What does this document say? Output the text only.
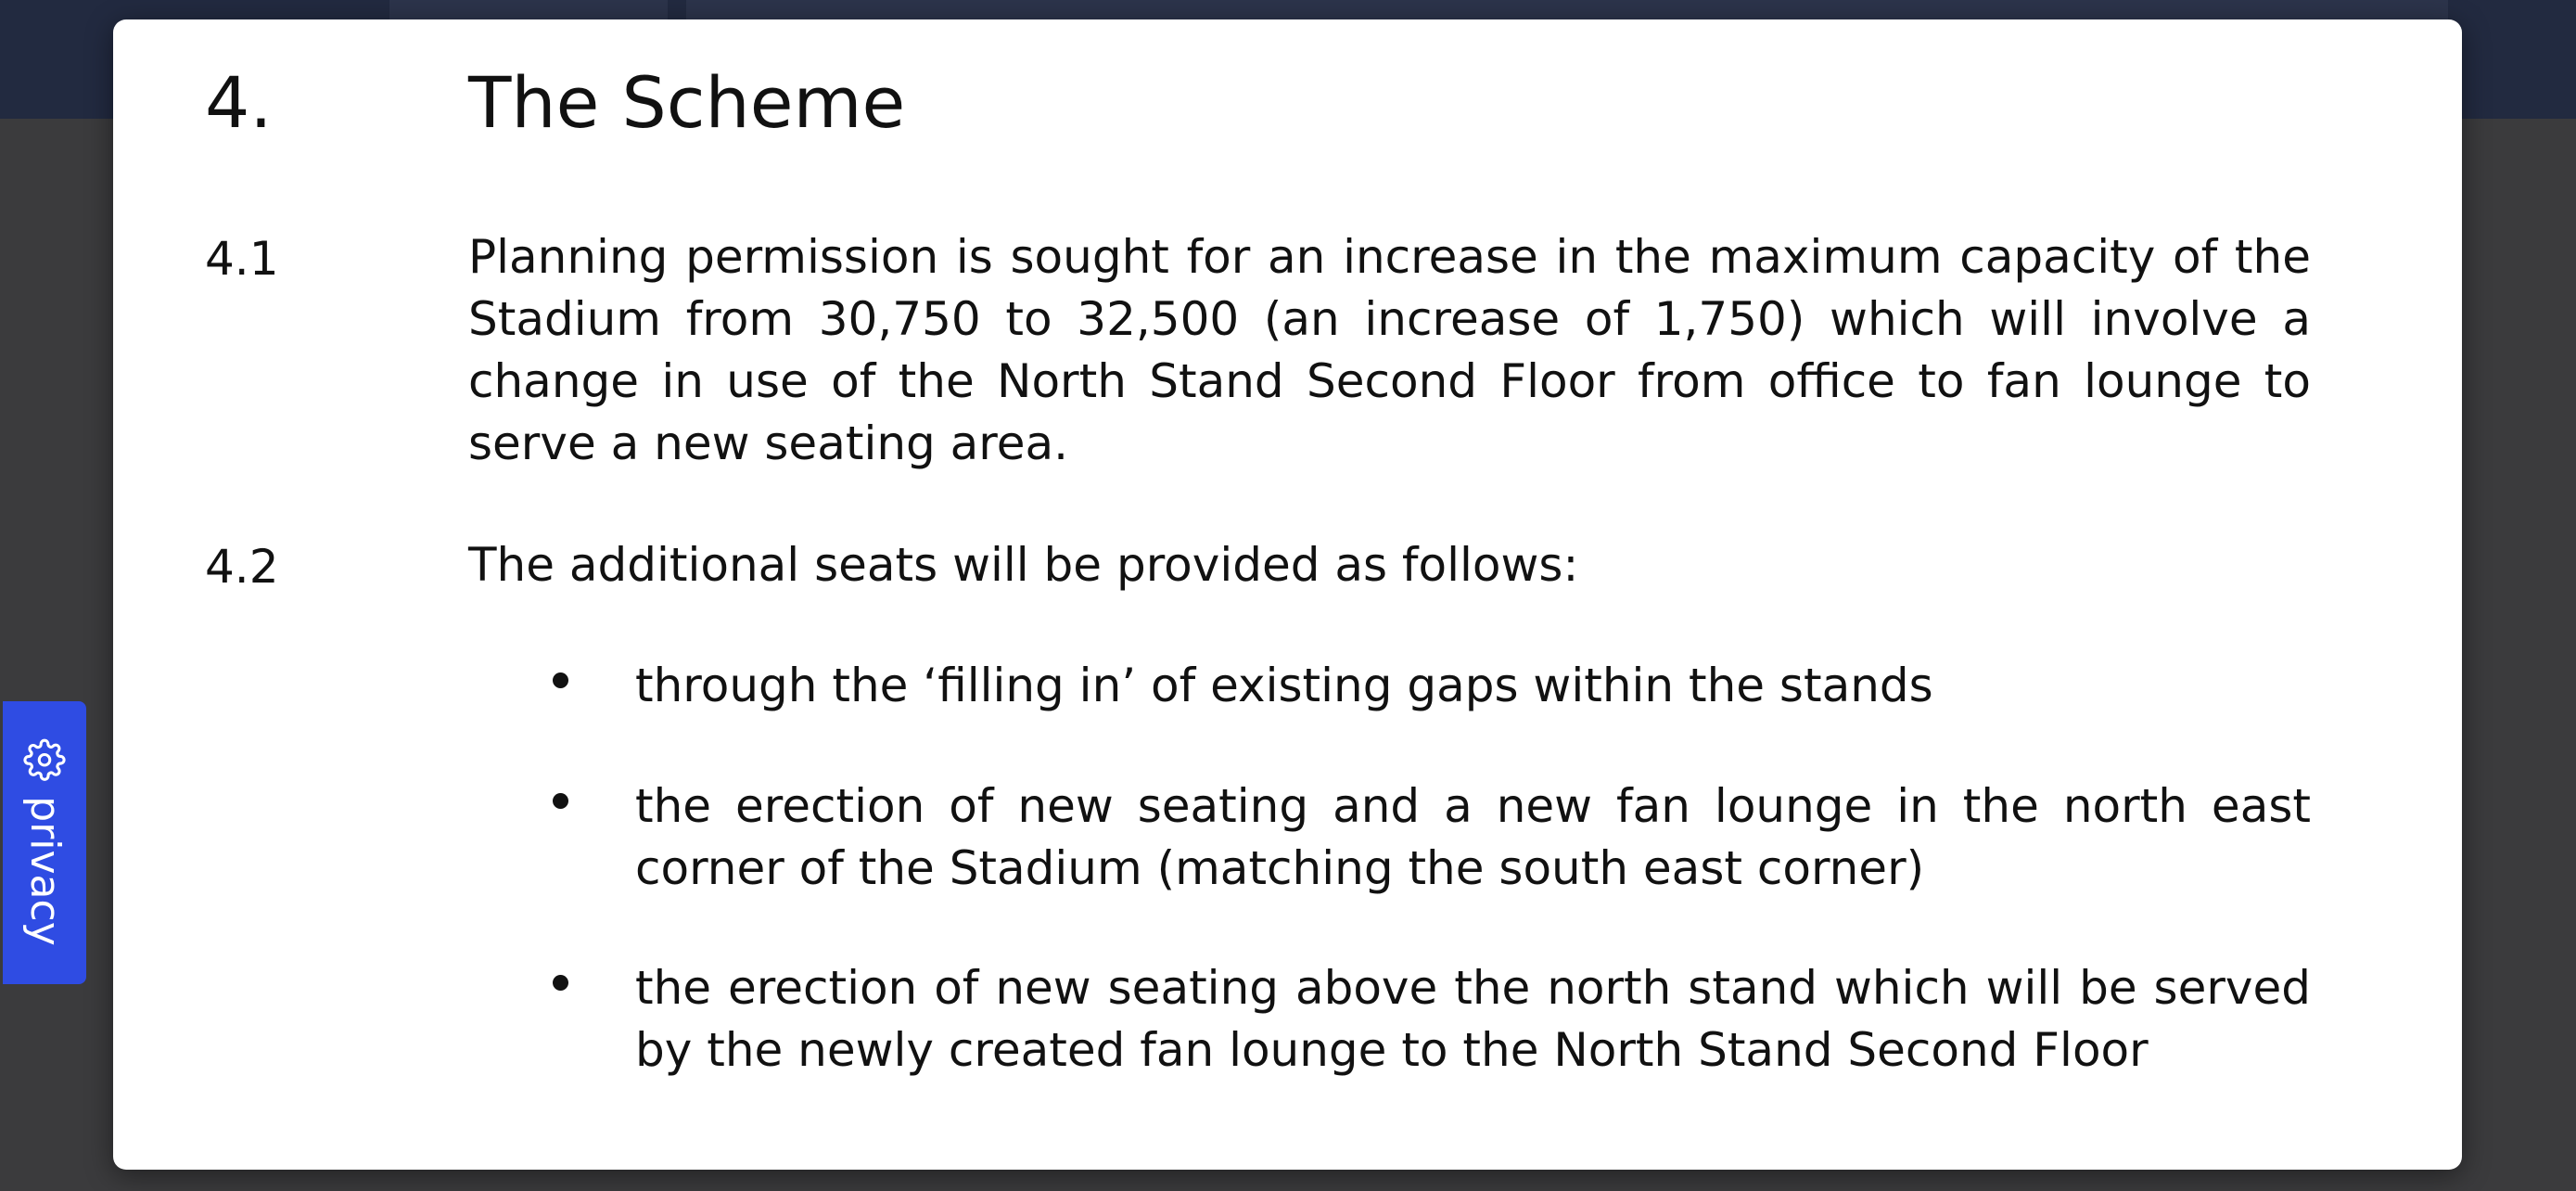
4.	The Scheme
4.1	Planning permission is sought for an increase in the maximum capacity of the Stadium from 30,750 to 32,500 (an increase of 1,750) which will involve a change in use of the North Stand Second Floor from office to fan lounge to serve a new seating area.
4.2	The additional seats will be provided as follows:
through the ‘filling in’ of existing gaps within the stands
the erection of new seating and a new fan lounge in the north east corner of the Stadium (matching the south east corner)
the erection of new seating above the north stand which will be served by the newly created fan lounge to the North Stand Second Floor
privacy
